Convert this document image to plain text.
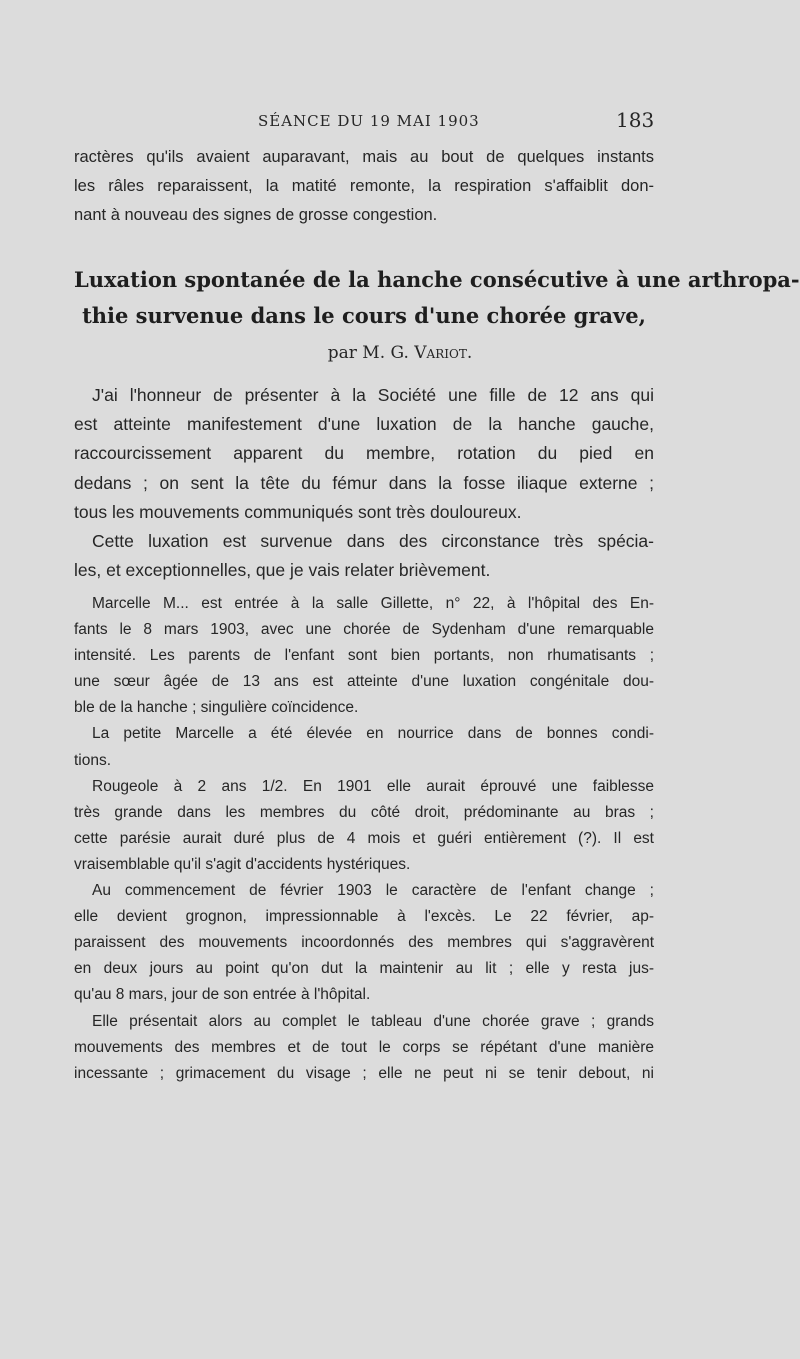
SÉANCE DU 19 MAI 1903	183
ractères qu'ils avaient auparavant, mais au bout de quelques instants
les râles reparaissent, la matité remonte, la respiration s'affaiblit don-
nant à nouveau des signes de grosse congestion.
Luxation spontanée de la hanche consécutive à une arthropa-
thie survenue dans le cours d'une chorée grave,
par M. G. Variot.
J'ai l'honneur de présenter à la Société une fille de 12 ans qui
est atteinte manifestement d'une luxation de la hanche gauche,
raccourcissement apparent du membre, rotation du pied en
dedans ; on sent la tête du fémur dans la fosse iliaque externe ;
tous les mouvements communiqués sont très douloureux.
Cette luxation est survenue dans des circonstance très spécia-
les, et exceptionnelles, que je vais relater brièvement.
Marcelle M... est entrée à la salle Gillette, n° 22, à l'hôpital des En-
fants le 8 mars 1903, avec une chorée de Sydenham d'une remarquable
intensité. Les parents de l'enfant sont bien portants, non rhumatisants ;
une sœur âgée de 13 ans est atteinte d'une luxation congénitale dou-
ble de la hanche ; singulière coïncidence.
La petite Marcelle a été élevée en nourrice dans de bonnes condi-
tions.
Rougeole à 2 ans 1/2. En 1901 elle aurait éprouvé une faiblesse
très grande dans les membres du côté droit, prédominante au bras ;
cette parésie aurait duré plus de 4 mois et guéri entièrement (?). Il est
vraisemblable qu'il s'agit d'accidents hystériques.
Au commencement de février 1903 le caractère de l'enfant change ;
elle devient grognon, impressionnable à l'excès. Le 22 février, ap-
paraissent des mouvements incoordonnés des membres qui s'aggravèrent
en deux jours au point qu'on dut la maintenir au lit ; elle y resta jus-
qu'au 8 mars, jour de son entrée à l'hôpital.
Elle présentait alors au complet le tableau d'une chorée grave ; grands
mouvements des membres et de tout le corps se répétant d'une manière
incessante ; grimacement du visage ; elle ne peut ni se tenir debout, ni
